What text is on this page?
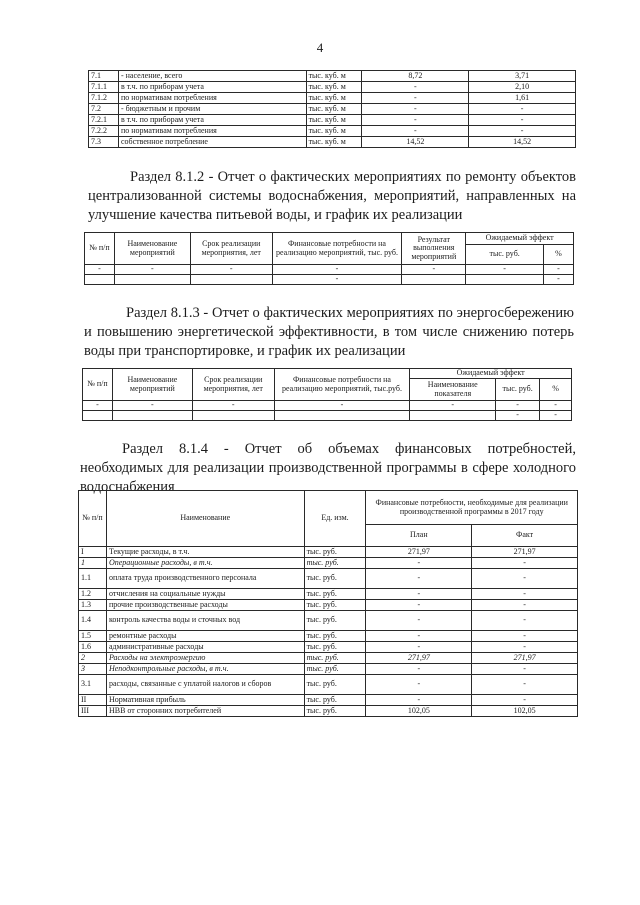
4
7.1	- население, всего	тыс. куб. м	8,72	3,71
7.1.1	в т.ч. по приборам учета	тыс. куб. м	-	2,10
7.1.2	по нормативам потребления	тыс. куб. м	-	1,61
7.2	- бюджетным и прочим	тыс. куб. м	-	-
7.2.1	в т.ч. по приборам учета	тыс. куб. м	-	-
7.2.2	по нормативам потребления	тыс. куб. м	-	-
7.3	собственное потребление	тыс. куб. м	14,52	14,52
Раздел 8.1.2 - Отчет о фактических мероприятиях по ремонту объектов централизованной системы водоснабжения, мероприятий, направленных на улучшение качества питьевой воды, и график их реализации
№ п/п	Наименование мероприятий	Срок реализации мероприятия, лет	Финансовые потребности на реализацию мероприятий, тыс. руб.	Результат выполнения мероприятий	Ожидаемый эффект	
					тыс. руб.	%
-	-	-	-	-	-	-
			-			-
Раздел 8.1.3 - Отчет о фактических мероприятиях по энергосбережению и повышению энергетической эффективности, в том числе снижению потерь воды при транспортировке, и график их реализации
№ п/п	Наименование мероприятий	Срок реализации мероприятия, лет	Финансовые потребности на реализацию мероприятий, тыс.руб.	Ожидаемый эффект		
				Наименование показателя	тыс. руб.	%
-	-	-	-	-	-	-
					-	-
Раздел 8.1.4 - Отчет об объемах финансовых потребностей, необходимых для реализации производственной программы в сфере холодного водоснабжения
№ п/п	Наименование	Ед. изм.	Финансовые потребности, необходимые для реализации производственной программы в 2017 году	
			План	Факт
I	Текущие расходы, в т.ч.	тыс. руб.	271,97	271,97
1	Операционные расходы, в т.ч.	тыс. руб.	-	-
1.1	оплата труда производственного персонала	тыс. руб.	-	-
1.2	отчисления на социальные нужды	тыс. руб.	-	-
1.3	прочие производственные расходы	тыс. руб.	-	-
1.4	контроль качества воды и сточных вод	тыс. руб.	-	-
1.5	ремонтные расходы	тыс. руб.	-	-
1.6	административные расходы	тыс. руб.	-	-
2	Расходы на электроэнергию	тыс. руб.	271,97	271,97
3	Неподконтрольные расходы, в т.ч.	тыс. руб.	-	-
3.1	расходы, связанные с уплатой налогов и сборов	тыс. руб.	-	-
II	Нормативная прибыль	тыс. руб.	-	-
III	НВВ от сторонних потребителей	тыс. руб.	102,05	102,05
